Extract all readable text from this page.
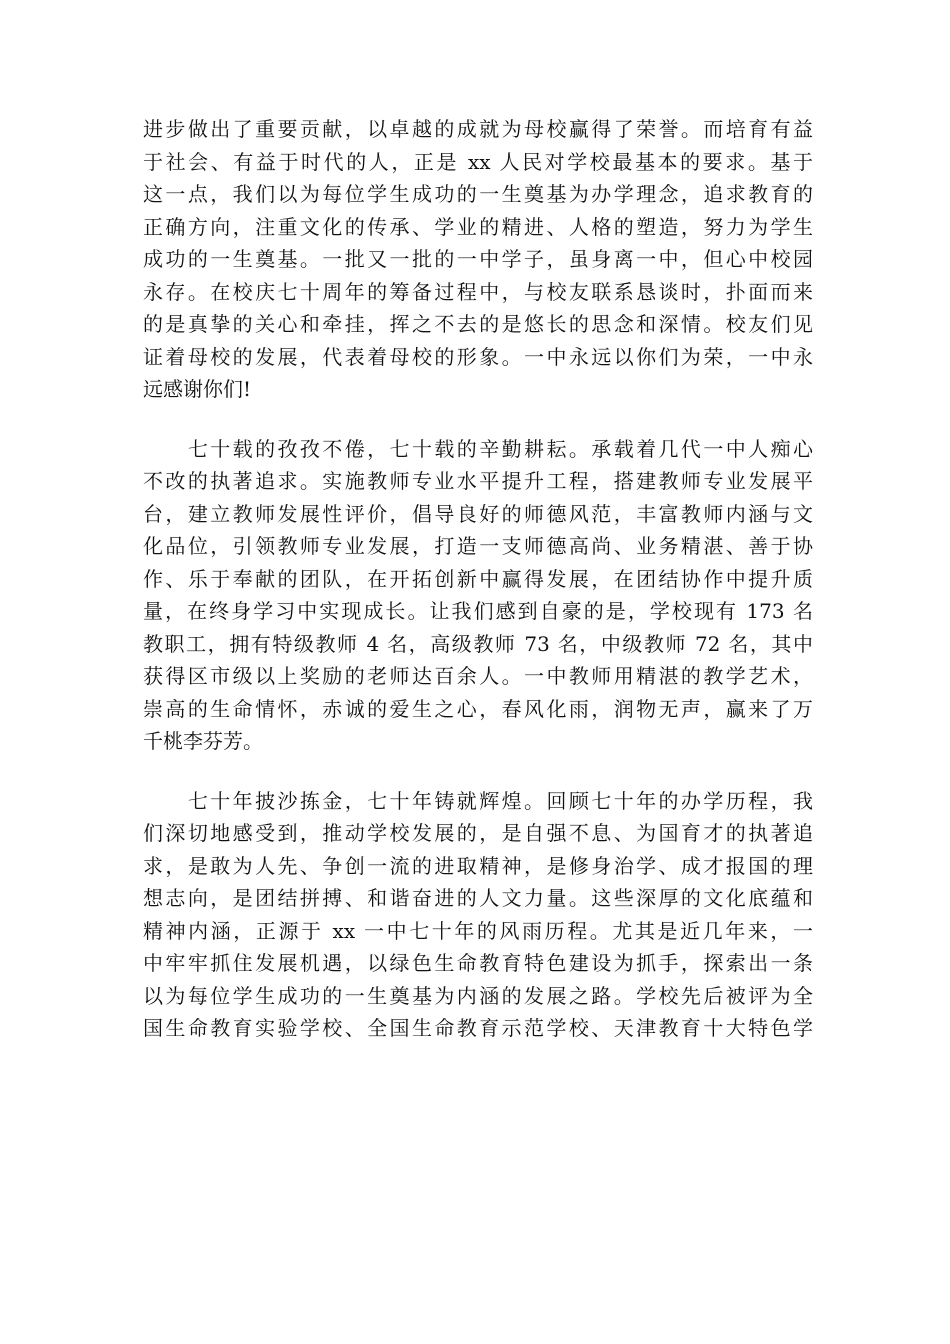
进步做出了重要贡献，以卓越的成就为母校赢得了荣誉。而培育有益
于社会、有益于时代的人，正是 xx 人民对学校最基本的要求。基于
这一点，我们以为每位学生成功的一生奠基为办学理念，追求教育的
正确方向，注重文化的传承、学业的精进、人格的塑造，努力为学生
成功的一生奠基。一批又一批的一中学子，虽身离一中，但心中校园
永存。在校庆七十周年的筹备过程中，与校友联系恳谈时，扑面而来
的是真挚的关心和牵挂，挥之不去的是悠长的思念和深情。校友们见
证着母校的发展，代表着母校的形象。一中永远以你们为荣，一中永
远感谢你们!
　　七十载的孜孜不倦，七十载的辛勤耕耘。承载着几代一中人痴心
不改的执著追求。实施教师专业水平提升工程，搭建教师专业发展平
台，建立教师发展性评价，倡导良好的师德风范，丰富教师内涵与文
化品位，引领教师专业发展，打造一支师德高尚、业务精湛、善于协
作、乐于奉献的团队，在开拓创新中赢得发展，在团结协作中提升质
量，在终身学习中实现成长。让我们感到自豪的是，学校现有 173 名
教职工，拥有特级教师 4 名，高级教师 73 名，中级教师 72 名，其中
获得区市级以上奖励的老师达百余人。一中教师用精湛的教学艺术，
崇高的生命情怀，赤诚的爱生之心，春风化雨，润物无声，赢来了万
千桃李芬芳。
　　七十年披沙拣金，七十年铸就辉煌。回顾七十年的办学历程，我
们深切地感受到，推动学校发展的，是自强不息、为国育才的执著追
求，是敢为人先、争创一流的进取精神，是修身治学、成才报国的理
想志向，是团结拼搏、和谐奋进的人文力量。这些深厚的文化底蕴和
精神内涵，正源于 xx 一中七十年的风雨历程。尤其是近几年来，一
中牢牢抓住发展机遇，以绿色生命教育特色建设为抓手，探索出一条
以为每位学生成功的一生奠基为内涵的发展之路。学校先后被评为全
国生命教育实验学校、全国生命教育示范学校、天津教育十大特色学
